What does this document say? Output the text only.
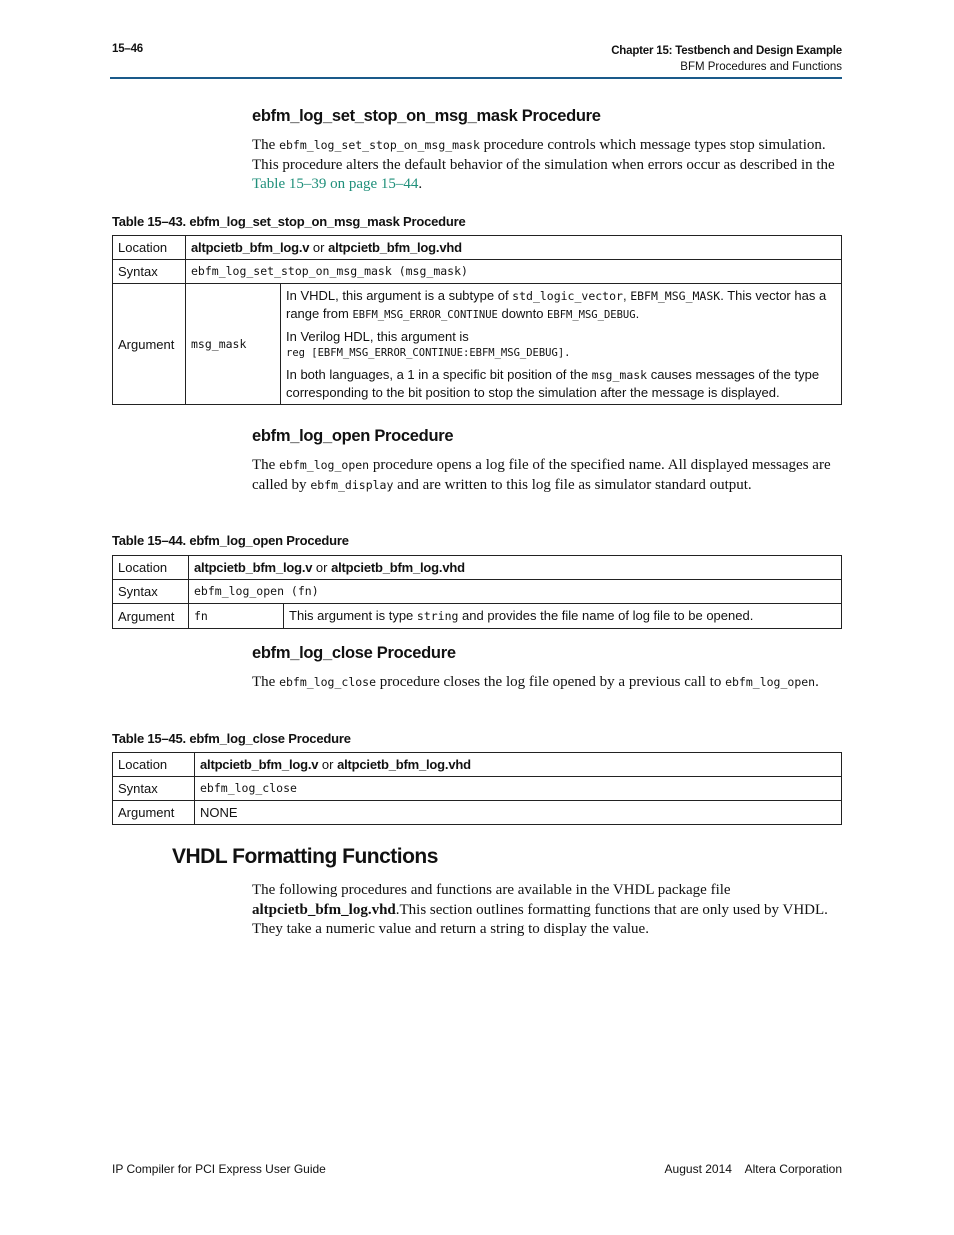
15–46	Chapter 15: Testbench and Design Example
BFM Procedures and Functions
ebfm_log_set_stop_on_msg_mask Procedure
The ebfm_log_set_stop_on_msg_mask procedure controls which message types stop simulation. This procedure alters the default behavior of the simulation when errors occur as described in the Table 15–39 on page 15–44.
Table 15–43. ebfm_log_set_stop_on_msg_mask Procedure
Location	altpcietb_bfm_log.v or altpcietb_bfm_log.vhd	
Syntax	ebfm_log_set_stop_on_msg_mask (msg_mask)	
Argument	msg_mask	In VHDL, this argument is a subtype of std_logic_vector, EBFM_MSG_MASK. This vector has a range from EBFM_MSG_ERROR_CONTINUE downto EBFM_MSG_DEBUG.
In Verilog HDL, this argument is
reg [EBFM_MSG_ERROR_CONTINUE:EBFM_MSG_DEBUG].
In both languages, a 1 in a specific bit position of the msg_mask causes messages of the type corresponding to the bit position to stop the simulation after the message is displayed.
ebfm_log_open Procedure
The ebfm_log_open procedure opens a log file of the specified name. All displayed messages are called by ebfm_display and are written to this log file as simulator standard output.
Table 15–44. ebfm_log_open Procedure
Location	altpcietb_bfm_log.v or altpcietb_bfm_log.vhd	
Syntax	ebfm_log_open (fn)	
Argument	fn	This argument is type string and provides the file name of log file to be opened.
ebfm_log_close Procedure
The ebfm_log_close procedure closes the log file opened by a previous call to ebfm_log_open.
Table 15–45. ebfm_log_close Procedure
Location	altpcietb_bfm_log.v or altpcietb_bfm_log.vhd
Syntax	ebfm_log_close
Argument	NONE
VHDL Formatting Functions
The following procedures and functions are available in the VHDL package file altpcietb_bfm_log.vhd.This section outlines formatting functions that are only used by VHDL. They take a numeric value and return a string to display the value.
IP Compiler for PCI Express User Guide	August 2014    Altera Corporation
